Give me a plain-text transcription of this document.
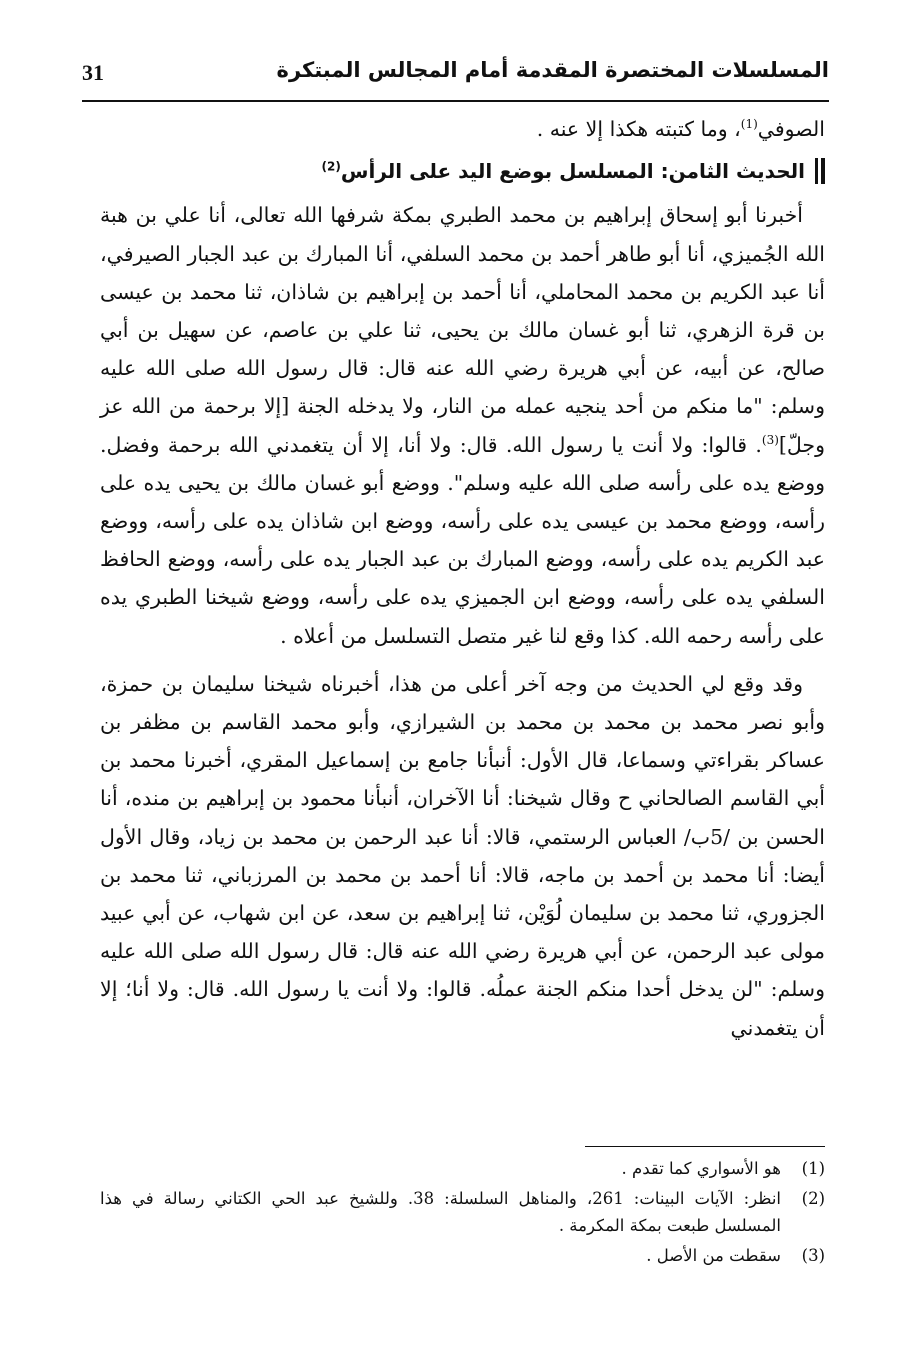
المسلسلات المختصرة المقدمة أمام المجالس المبتكرة
31

الصوفي$^{(1)}$، وما كتبته هكذا إلا عنه .

الحديث الثامن: المسلسل بوضع اليد على الرأس$^{(2)}$

أخبرنا أبو إسحاق إبراهيم بن محمد الطبري بمكة شرفها الله تعالى، أنا علي بن هبة الله الجُميزي، أنا أبو طاهر أحمد بن محمد السلفي، أنا المبارك بن عبد الجبار الصيرفي، أنا عبد الكريم بن محمد المحاملي، أنا أحمد بن إبراهيم بن شاذان، ثنا محمد بن عيسى بن قرة الزهري، ثنا أبو غسان مالك بن يحيى، ثنا علي بن عاصم، عن سهيل بن أبي صالح، عن أبيه، عن أبي هريرة رضي الله عنه قال: قال رسول الله صلى الله عليه وسلم: "ما منكم من أحد ينجيه عمله من النار، ولا يدخله الجنة [إلا برحمة من الله عز وجلّ]$^{(3)}$. قالوا: ولا أنت يا رسول الله. قال: ولا أنا، إلا أن يتغمدني الله برحمة وفضل. ووضع يده على رأسه صلى الله عليه وسلم". ووضع أبو غسان مالك بن يحيى يده على رأسه، ووضع محمد بن عيسى يده على رأسه، ووضع ابن شاذان يده على رأسه، ووضع عبد الكريم يده على رأسه، ووضع المبارك بن عبد الجبار يده على رأسه، ووضع الحافظ السلفي يده على رأسه، ووضع ابن الجميزي يده على رأسه، ووضع شيخنا الطبري يده على رأسه رحمه الله. كذا وقع لنا غير متصل التسلسل من أعلاه .

وقد وقع لي الحديث من وجه آخر أعلى من هذا، أخبرناه شيخنا سليمان بن حمزة، وأبو نصر محمد بن محمد بن محمد بن الشيرازي، وأبو محمد القاسم بن مظفر بن عساكر بقراءتي وسماعا، قال الأول: أنبأنا جامع بن إسماعيل المقري، أخبرنا محمد بن أبي القاسم الصالحاني ح وقال شيخنا: أنا الآخران، أنبأنا محمود بن إبراهيم بن منده، أنا الحسن بن /5ب/ العباس الرستمي، قالا: أنا عبد الرحمن بن محمد بن زياد، وقال الأول أيضا: أنا محمد بن أحمد بن ماجه، قالا: أنا أحمد بن محمد بن المرزباني، ثنا محمد بن الجزوري، ثنا محمد بن سليمان لُوَيْن، ثنا إبراهيم بن سعد، عن ابن شهاب، عن أبي عبيد مولى عبد الرحمن، عن أبي هريرة رضي الله عنه قال: قال رسول الله صلى الله عليه وسلم: "لن يدخل أحدا منكم الجنة عملُه. قالوا: ولا أنت يا رسول الله. قال: ولا أنا؛ إلا أن يتغمدني

(1)
هو الأسواري كما تقدم .
(2)
انظر: الآيات البينات: 261، والمناهل السلسلة: 38. وللشيخ عبد الحي الكتاني رسالة في هذا المسلسل طبعت بمكة المكرمة .
(3)
سقطت من الأصل .
